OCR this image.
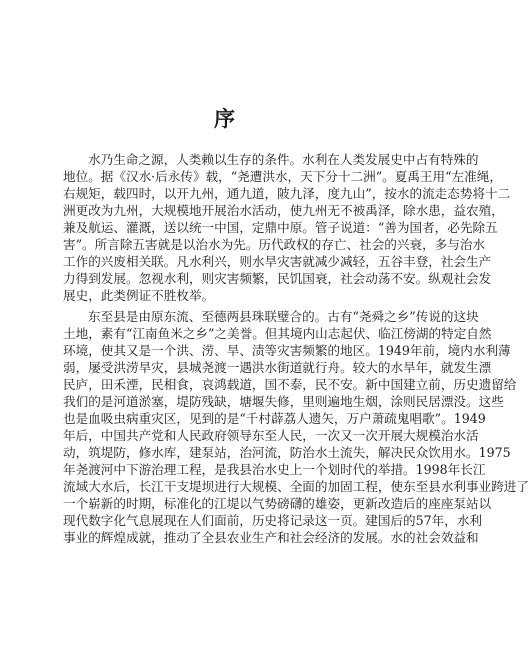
序
水乃生命之源，人类赖以生存的条件。水利在人类发展史中占有特殊的
地位。据《汉水·后永传》载，“尧遭洪水，天下分十二洲”。夏禹王用“左准绳，
右规矩，载四时，以开九州，通九道，陂九泽，度九山”，按水的流走态势将十二
洲更改为九州，大规模地开展治水活动，使九州无不被禹泽，除水患，益农殖，
兼及航运、灌溉，送以统一中国，定鼎中原。管子说道：“善为国者，必先除五
害”。所言除五害就是以治水为先。历代政权的存亡、社会的兴衰，多与治水
工作的兴废相关联。凡水利兴，则水旱灾害就减少减轻，五谷丰登，社会生产
力得到发展。忽视水利，则灾害频繁，民饥国衰，社会动荡不安。纵观社会发
展史，此类例证不胜枚举。
东至县是由原东流、至德两县珠联璧合的。古有“尧舜之乡”传说的这块
土地，素有“江南鱼米之乡”之美誉。但其境内山志起伏、临江傍湖的特定自然
环境，使其又是一个洪、涝、旱、渍等灾害频繁的地区。1949年前，境内水利薄
弱，屡受洪涝旱灾，县城尧渡一遇洪水街道就行舟。较大的水旱年，就发生漂
民庐，田禾湮，民相食，哀鸿载道，国不泰，民不安。新中国建立前，历史遗留给
我们的是河道淤塞，堤防残缺，塘堰失修，里则遍地生烟，涂则民居漂没。这些
也是血吸虫病重灾区，见到的是“千村薜荔人遗矢，万户萧疏鬼唱歌”。1949
年后，中国共产党和人民政府领导东至人民，一次又一次开展大规模治水活
动，筑堤防，修水库，建泵站，治河流，防治水土流失，解决民众饮用水。1975
年尧渡河中下游治理工程，是我县治水史上一个划时代的举措。1998年长江
流域大水后，长江干支堤坝进行大规模、全面的加固工程，使东至县水利事业跨进了
一个崭新的时期，标准化的江堤以气势磅礴的雄姿，更新改造后的座座泵站以
现代数字化气息展现在人们面前，历史将记录这一页。建国后的57年，水利
事业的辉煌成就，推动了全县农业生产和社会经济的发展。水的社会效益和
